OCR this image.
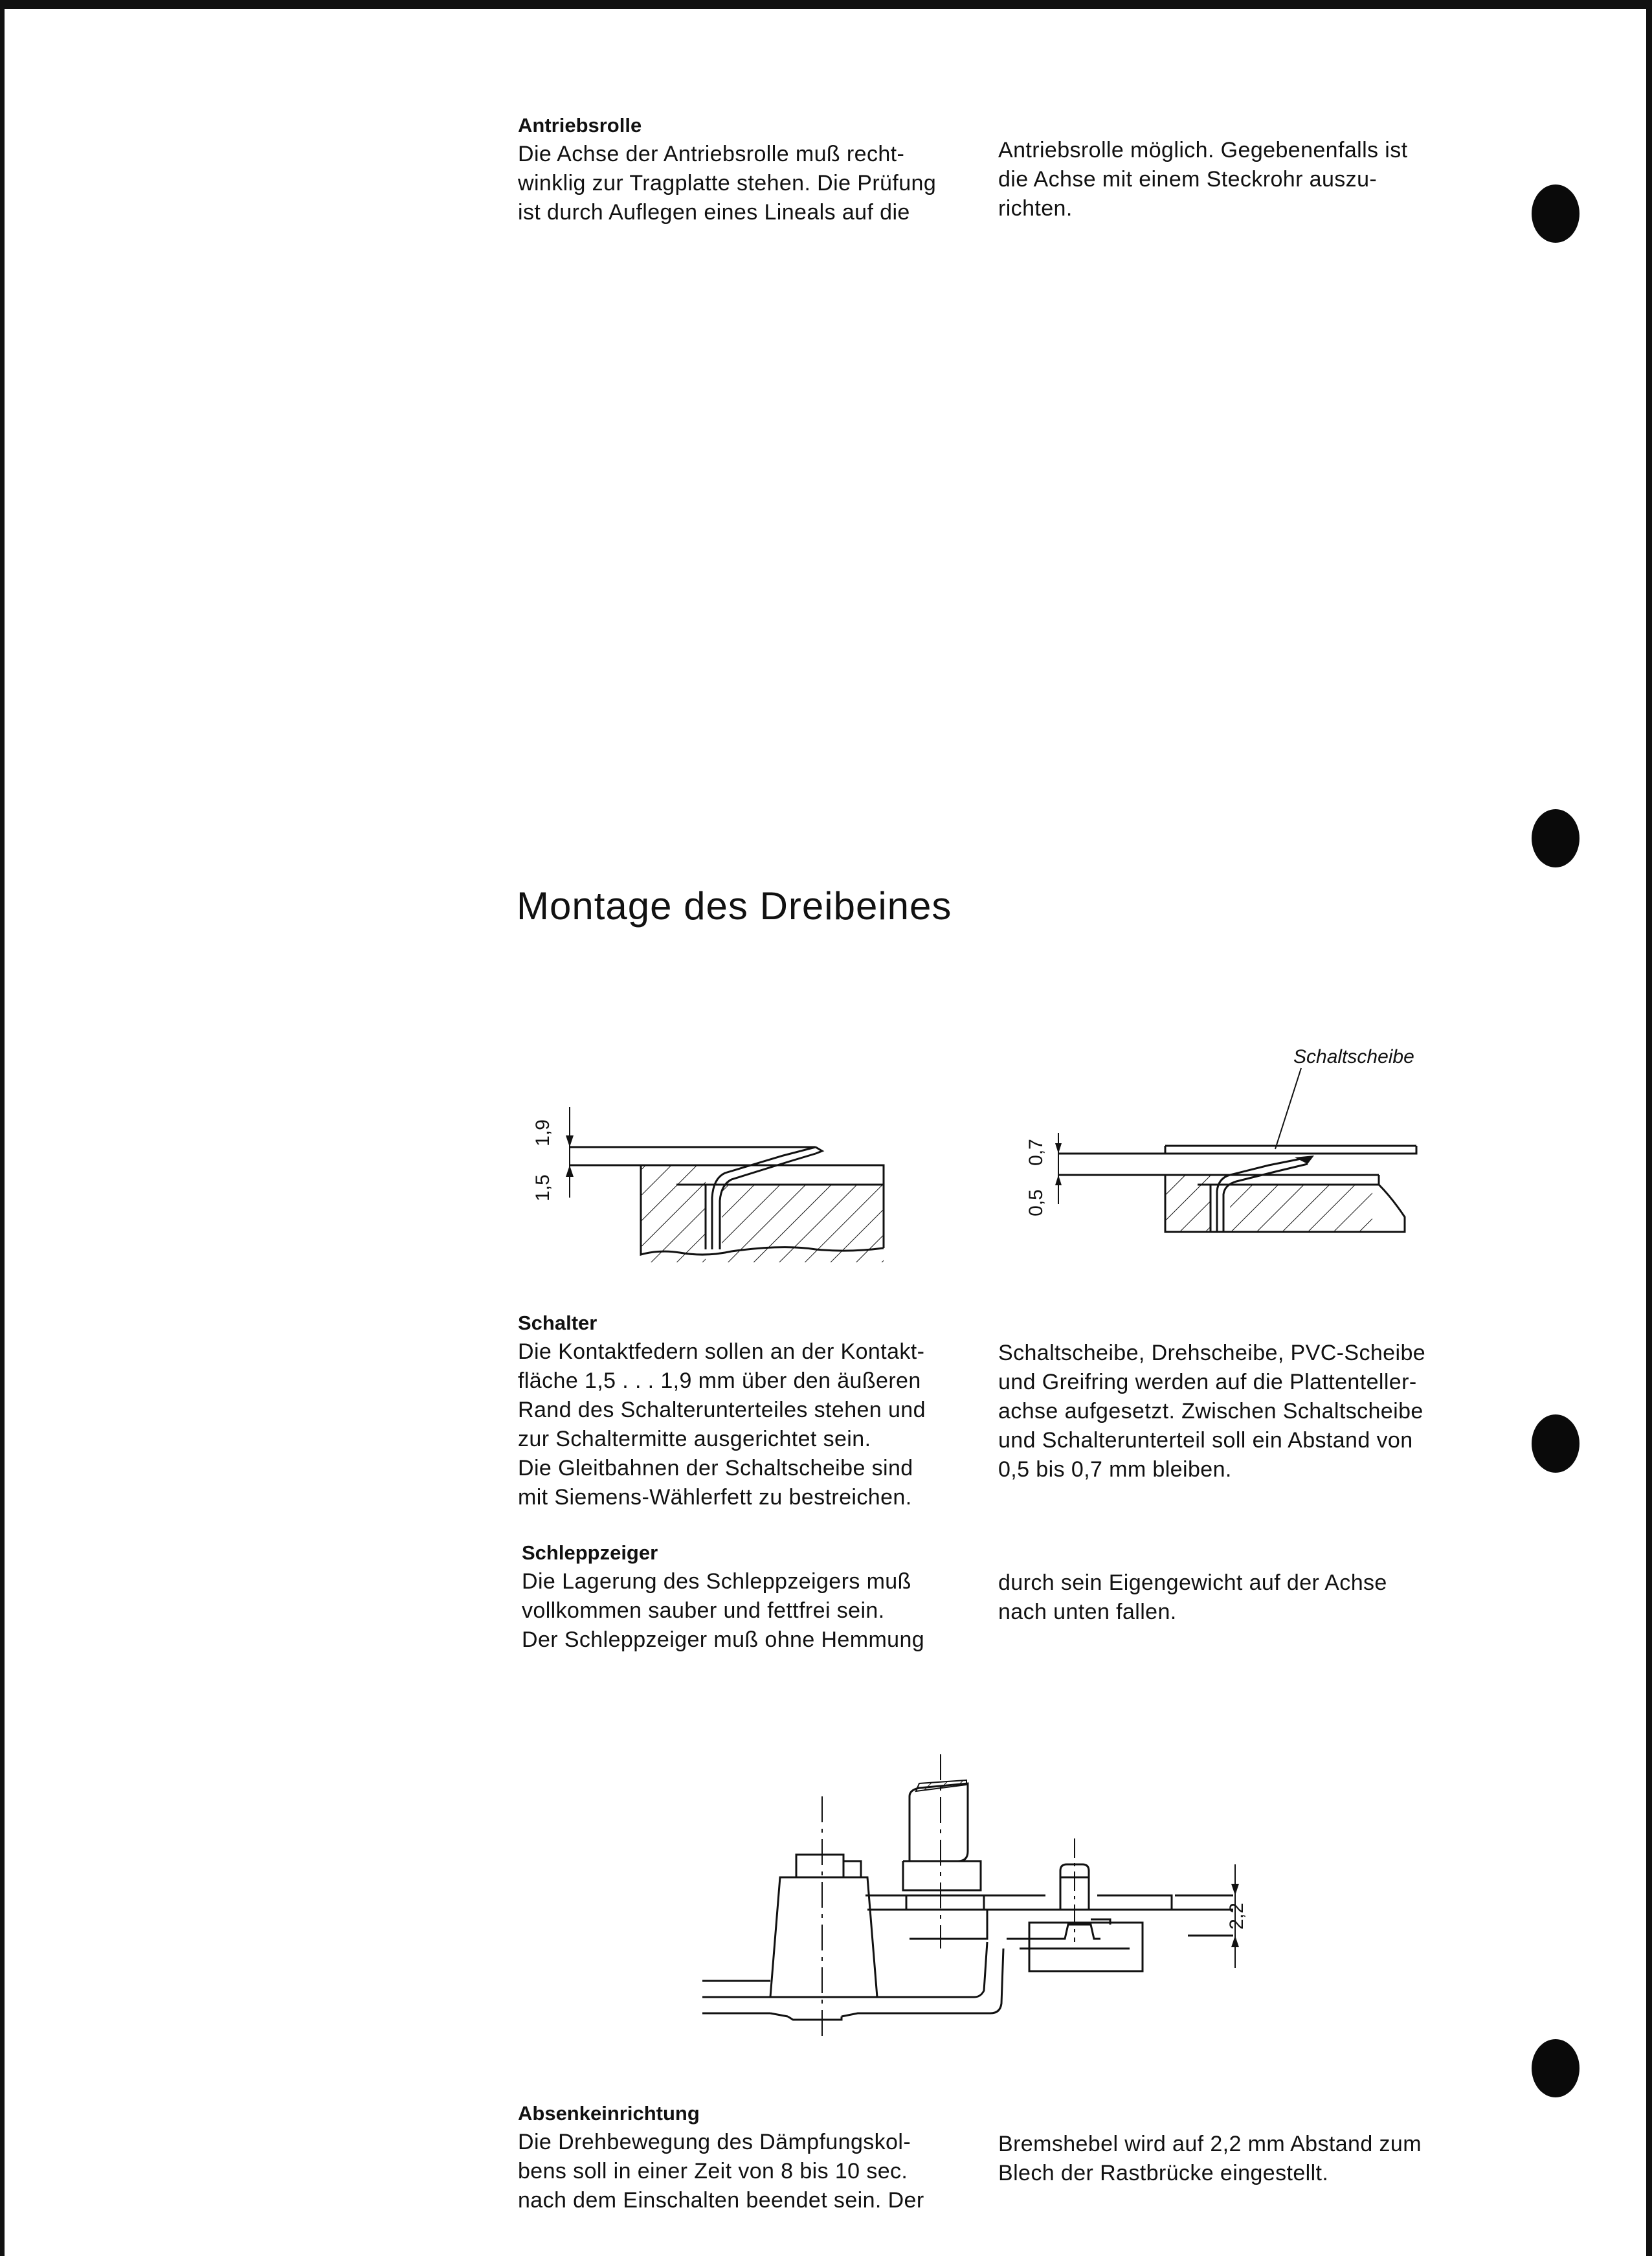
Antriebsrolle

Die Achse der Antriebsrolle muß recht-

winklig zur Tragplatte stehen. Die Prüfung

ist durch Auflegen eines Lineals auf die

Antriebsrolle möglich. Gegebenenfalls ist

die Achse mit einem Steckrohr auszu-

richten.

Montage des Dreibeines
1,9
1,5
Schaltscheibe
0,7
0,5

Schalter

Die Kontaktfedern sollen an der Kontakt-

fläche 1,5 . . . 1,9 mm über den äußeren

Rand des Schalterunterteiles stehen und

zur Schaltermitte ausgerichtet sein.

Die Gleitbahnen der Schaltscheibe sind

mit Siemens-Wählerfett zu bestreichen.

Schaltscheibe, Drehscheibe, PVC-Scheibe

und Greifring werden auf die Plattenteller-

achse aufgesetzt. Zwischen Schaltscheibe

und Schalterunterteil soll ein Abstand von

0,5 bis 0,7 mm bleiben.

Schleppzeiger

Die Lagerung des Schleppzeigers muß

vollkommen sauber und fettfrei sein.

Der Schleppzeiger muß ohne Hemmung

durch sein Eigengewicht auf der Achse

nach unten fallen.

2,2

Absenkeinrichtung

Die Drehbewegung des Dämpfungskol-

bens soll in einer Zeit von 8 bis 10 sec.

nach dem Einschalten beendet sein. Der

Bremshebel wird auf 2,2 mm Abstand zum

Blech der Rastbrücke eingestellt.
